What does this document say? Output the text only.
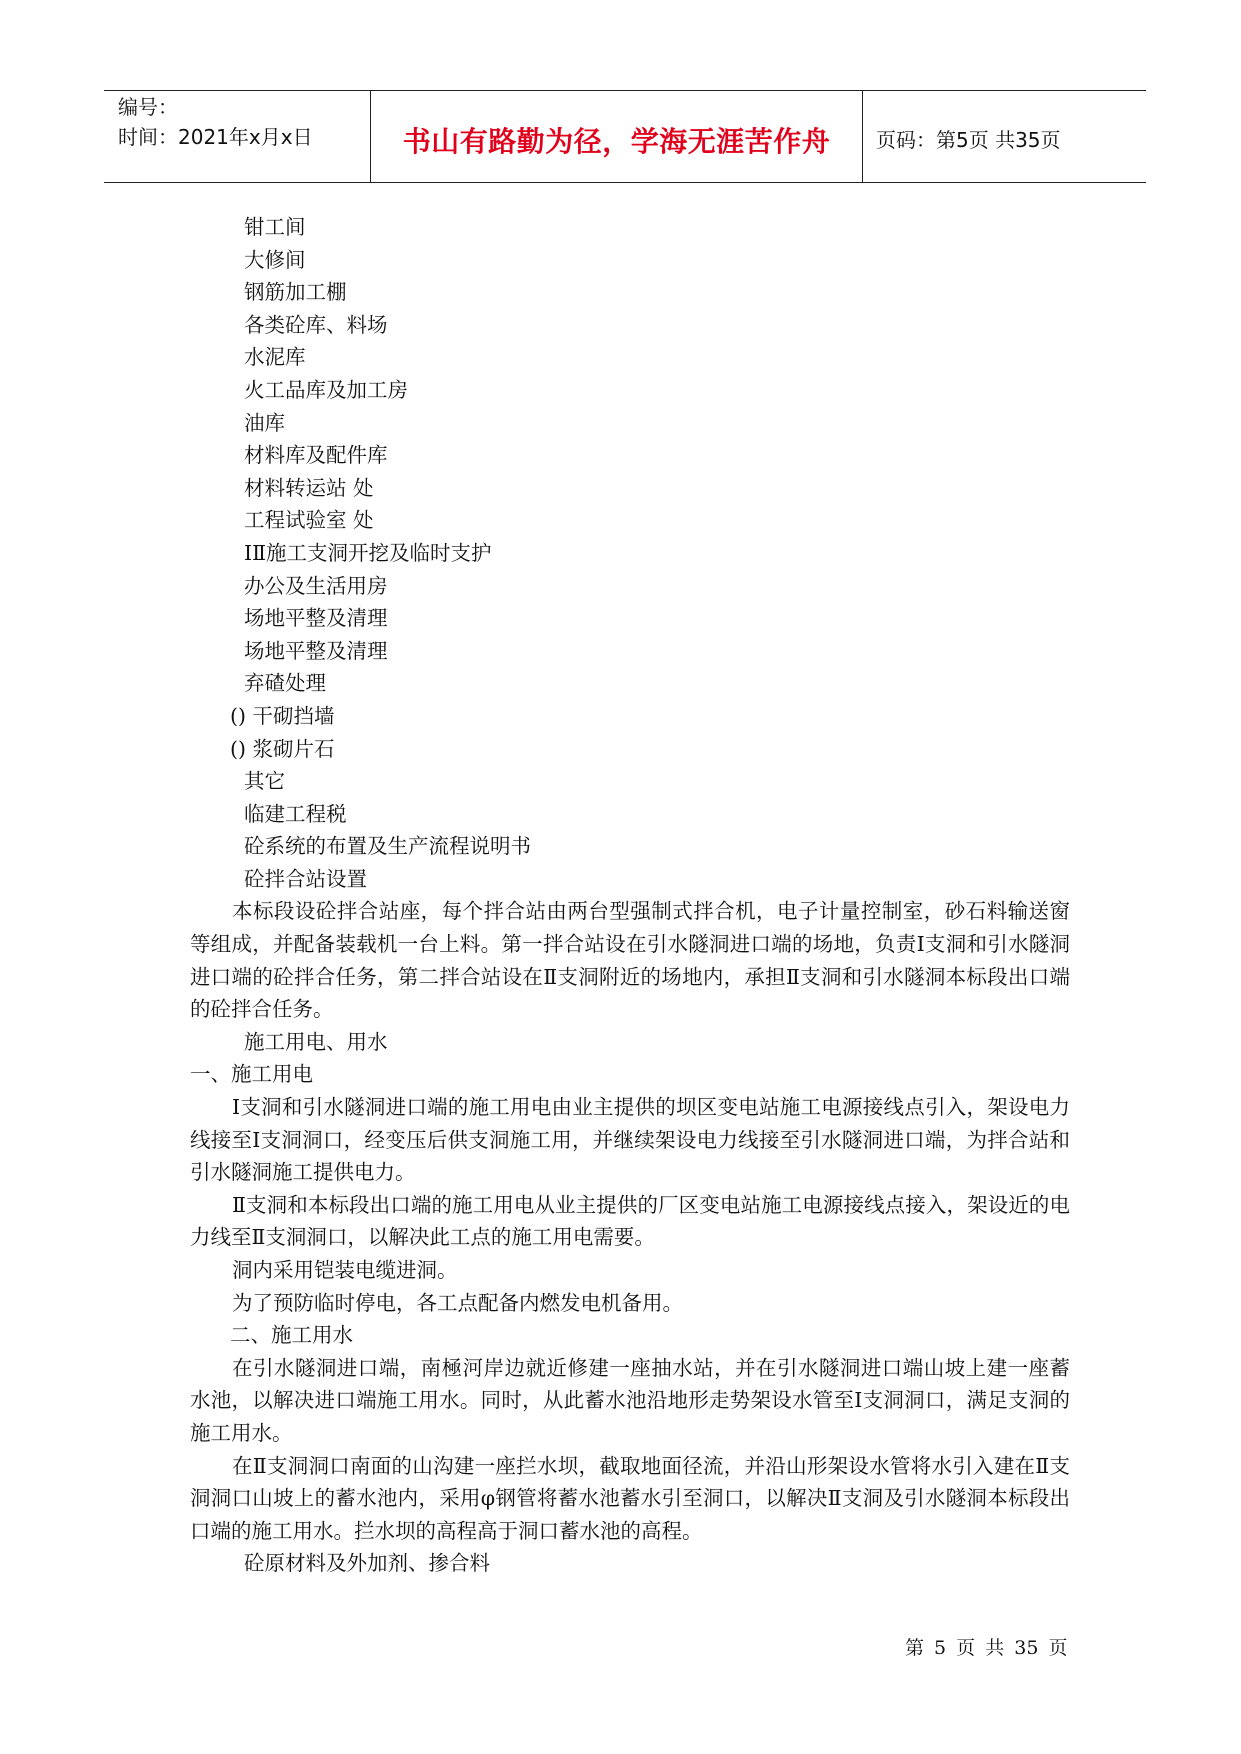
编号：
时间：2021年x月x日	书山有路勤为径，学海无涯苦作舟	页码：第5页 共35页
钳工间
大修间
钢筋加工棚
各类砼库、料场
水泥库
火工品库及加工房
油库
材料库及配件库
材料转运站 处
工程试验室 处
ⅠⅡ施工支洞开挖及临时支护
办公及生活用房
场地平整及清理
场地平整及清理
弃碴处理
() 干砌挡墙
() 浆砌片石
其它
临建工程税
砼系统的布置及生产流程说明书
砼拌合站设置

本标段设砼拌合站座，每个拌合站由两台型强制式拌合机，电子计量控制室，砂石料输送窗等组成，并配备装载机一台上料。第一拌合站设在引水隧洞进口端的场地，负责Ⅰ支洞和引水隧洞进口端的砼拌合任务，第二拌合站设在Ⅱ支洞附近的场地内，承担Ⅱ支洞和引水隧洞本标段出口端的砼拌合任务。

施工用电、用水
一、施工用电

Ⅰ支洞和引水隧洞进口端的施工用电由业主提供的坝区变电站施工电源接线点引入，架设电力线接至Ⅰ支洞洞口，经变压后供支洞施工用，并继续架设电力线接至引水隧洞进口端，为拌合站和引水隧洞施工提供电力。

Ⅱ支洞和本标段出口端的施工用电从业主提供的厂区变电站施工电源接线点接入，架设近的电力线至Ⅱ支洞洞口，以解决此工点的施工用电需要。

洞内采用铠装电缆进洞。

为了预防临时停电，各工点配备内燃发电机备用。

二、施工用水

在引水隧洞进口端，南極河岸边就近修建一座抽水站，并在引水隧洞进口端山坡上建一座蓄水池，以解决进口端施工用水。同时，从此蓄水池沿地形走势架设水管至Ⅰ支洞洞口，满足支洞的施工用水。

在Ⅱ支洞洞口南面的山沟建一座拦水坝，截取地面径流，并沿山形架设水管将水引入建在Ⅱ支洞洞口山坡上的蓄水池内，采用φ钢管将蓄水池蓄水引至洞口，以解决Ⅱ支洞及引水隧洞本标段出口端的施工用水。拦水坝的高程高于洞口蓄水池的高程。

砼原材料及外加剂、掺合料
第 5 页 共 35 页
